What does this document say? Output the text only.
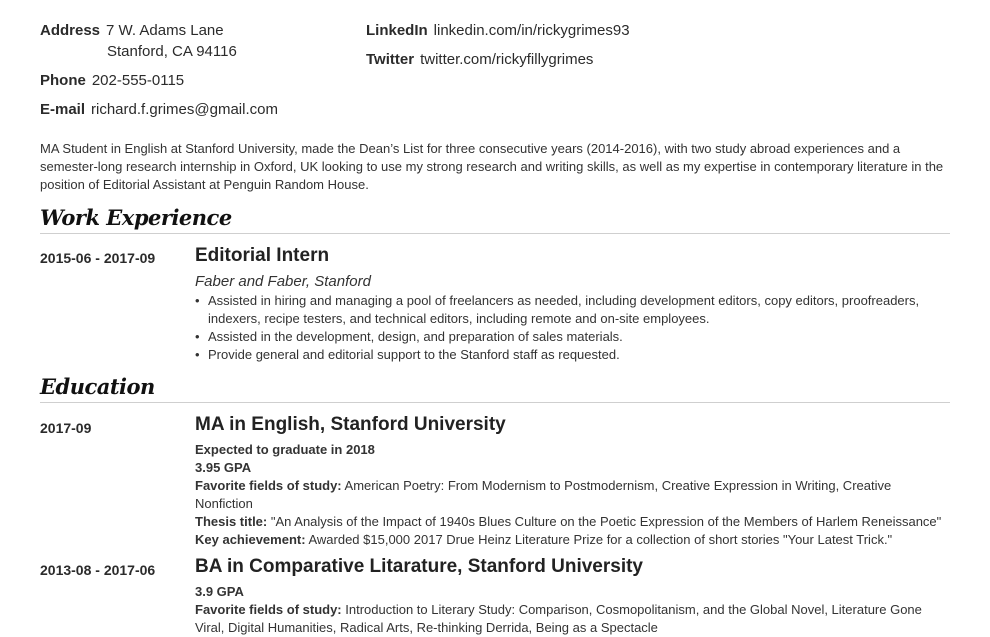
Address 7 W. Adams Lane
Stanford, CA 94116
Phone 202-555-0115
E-mail richard.f.grimes@gmail.com
LinkedIn linkedin.com/in/rickygrimes93
Twitter twitter.com/rickyfillygrimes
MA Student in English at Stanford University, made the Dean’s List for three consecutive years (2014-2016), with two study abroad experiences and a semester-long research internship in Oxford, UK looking to use my strong research and writing skills, as well as my expertise in contemporary literature in the position of Editorial Assistant at Penguin Random House.
Work Experience
2015-06 - 2017-09 Editorial Intern
Faber and Faber, Stanford
• Assisted in hiring and managing a pool of freelancers as needed, including development editors, copy editors, proofreaders, indexers, recipe testers, and technical editors, including remote and on-site employees.
• Assisted in the development, design, and preparation of sales materials.
• Provide general and editorial support to the Stanford staff as requested.
Education
2017-09	MA in English, Stanford University
Expected to graduate in 2018
3.95 GPA
Favorite fields of study: American Poetry: From Modernism to Postmodernism, Creative Expression in Writing, Creative Nonfiction
Thesis title: "An Analysis of the Impact of 1940s Blues Culture on the Poetic Expression of the Members of Harlem Reneissance"
Key achievement: Awarded $15,000 2017 Drue Heinz Literature Prize for a collection of short stories "Your Latest Trick."
2013-08 - 2017-06 BA in Comparative Litarature, Stanford University
3.9 GPA
Favorite fields of study: Introduction to Literary Study: Comparison, Cosmopolitanism, and the Global Novel, Literature Gone Viral, Digital Humanities, Radical Arts, Re-thinking Derrida, Being as a Spectacle
